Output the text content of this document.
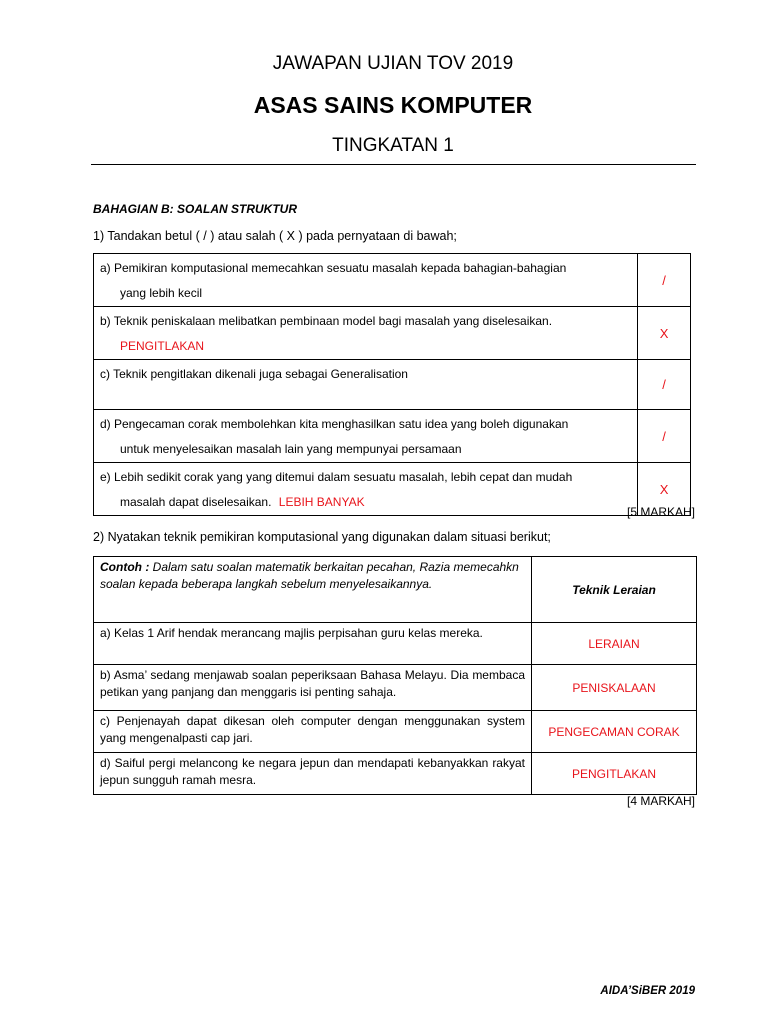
JAWAPAN UJIAN TOV 2019
ASAS SAINS KOMPUTER
TINGKATAN 1
BAHAGIAN B: SOALAN STRUKTUR
1) Tandakan betul ( / ) atau salah ( X ) pada pernyataan di bawah;
a) Pemikiran komputasional memecahkan sesuatu masalah kepada bahagian-bahagian
yang lebih kecil	/
b) Teknik peniskalaan melibatkan pembinaan model bagi masalah yang diselesaikan.
PENGITLAKAN	X
c) Teknik pengitlakan dikenali juga sebagai Generalisation	/
d) Pengecaman corak membolehkan kita menghasilkan satu idea yang boleh digunakan
untuk menyelesaikan masalah lain yang mempunyai persamaan	/
e) Lebih sedikit corak yang yang ditemui dalam sesuatu masalah, lebih cepat dan mudah
masalah dapat diselesaikan. LEBIH BANYAK	X
[5 MARKAH]
2) Nyatakan teknik pemikiran komputasional yang digunakan dalam situasi berikut;
Contoh : Dalam satu soalan matematik berkaitan pecahan, Razia memecahkn soalan kepada beberapa langkah sebelum menyelesaikannya.	Teknik Leraian
a) Kelas 1 Arif hendak merancang majlis perpisahan guru kelas mereka.	LERAIAN
b) Asma’ sedang menjawab soalan peperiksaan Bahasa Melayu. Dia membaca petikan yang panjang dan menggaris isi penting sahaja.	PENISKALAAN
c) Penjenayah dapat dikesan oleh computer dengan menggunakan system yang mengenalpasti cap jari.	PENGECAMAN CORAK
d) Saiful pergi melancong ke negara jepun dan mendapati kebanyakkan rakyat jepun sungguh ramah mesra.	PENGITLAKAN
[4 MARKAH]
AIDA’SiBER 2019
